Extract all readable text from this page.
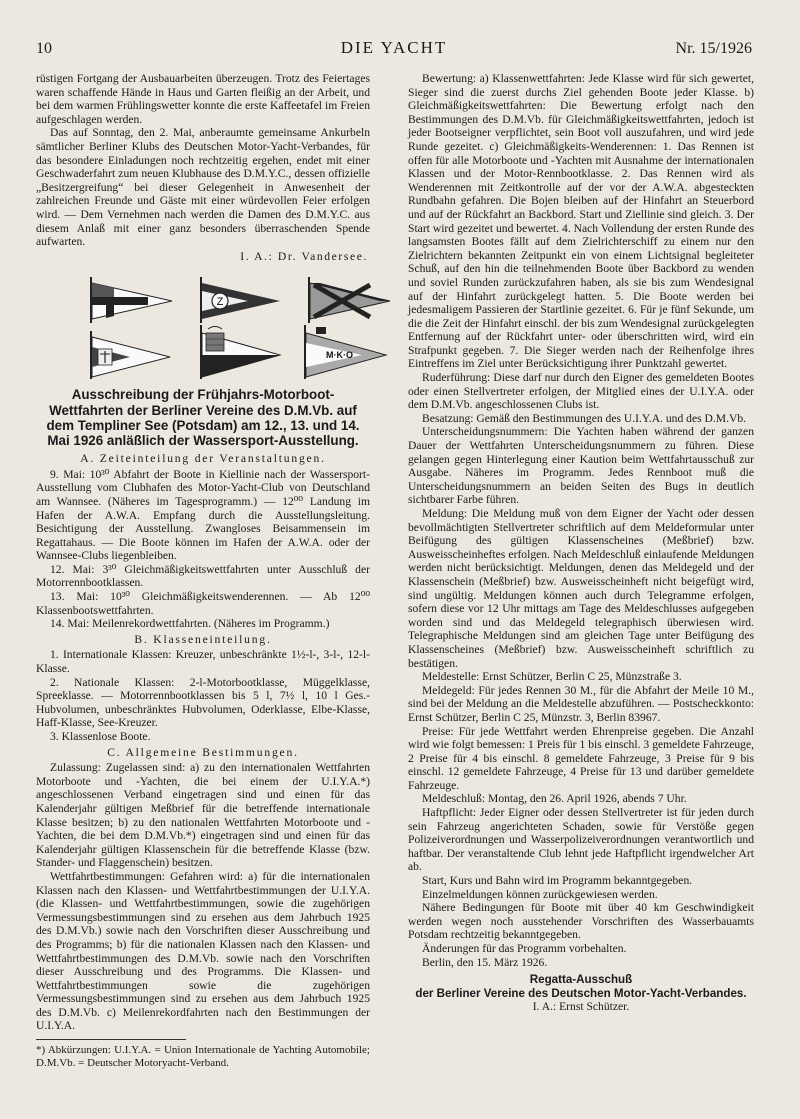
10	DIE YACHT	Nr. 15/1926

rüstigen Fortgang der Ausbauarbeiten überzeugen. Trotz des Feiertages waren schaffende Hände in Haus und Garten fleißig an der Arbeit, und bei dem warmen Frühlingswetter konnte die erste Kaffeetafel im Freien aufgeschlagen werden.

Das auf Sonntag, den 2. Mai, anberaumte gemeinsame Ankurbeln sämtlicher Berliner Klubs des Deutschen Motor-Yacht-Verbandes, für das besondere Einladungen noch rechtzeitig ergehen, endet mit einer Geschwaderfahrt zum neuen Klubhause des D.M.Y.C., dessen offizielle „Besitzergreifung“ bei dieser Gelegenheit in Anwesenheit der zahlreichen Freunde und Gäste mit einer würdevollen Feier erfolgen wird. — Dem Vernehmen nach werden die Damen des D.M.Y.C. aus diesem Anlaß mit einer ganz besonders überraschenden Spende aufwarten.

I. A.: Dr. Vandersee.
Z
M·K·O
Ausschreibung der Frühjahrs-Motorboot-Wettfahrten der Berliner Vereine des D.M.Vb. auf dem Templiner See (Potsdam) am 12., 13. und 14. Mai 1926 anläßlich der Wassersport-Ausstellung.
A. Zeiteinteilung der Veranstaltungen.

9. Mai: 10³⁰ Abfahrt der Boote in Kiellinie nach der Wassersport-Ausstellung vom Clubhafen des Motor-Yacht-Club von Deutschland am Wannsee. (Näheres im Tagesprogramm.) — 12⁰⁰ Landung im Hafen der A.W.A. Empfang durch die Ausstellungsleitung. Besichtigung der Ausstellung. Zwangloses Beisammensein im Regattahaus. — Die Boote können im Hafen der A.W.A. oder der Wannsee-Clubs liegenbleiben.

12. Mai: 3³⁰ Gleichmäßigkeitswettfahrten unter Ausschluß der Motorrennbootklassen.

13. Mai: 10³⁰ Gleichmäßigkeitswenderennen. — Ab 12⁰⁰ Klassenbootswettfahrten.

14. Mai: Meilenrekordwettfahrten. (Näheres im Programm.)

B. Klasseneinteilung.

1. Internationale Klassen: Kreuzer, unbeschränkte 1½-l-, 3-l-, 12-l-Klasse.

2. Nationale Klassen: 2-l-Motorbootklasse, Müggelklasse, Spreeklasse. — Motorrennbootklassen bis 5 l, 7½ l, 10 l Ges.-Hubvolumen, unbeschränktes Hubvolumen, Oderklasse, Elbe-Klasse, Haff-Klasse, See-Kreuzer.

3. Klassenlose Boote.

C. Allgemeine Bestimmungen.

Zulassung: Zugelassen sind: a) zu den internationalen Wettfahrten Motorboote und -Yachten, die bei einem der U.I.Y.A.*) angeschlossenen Verband eingetragen sind und einen für das Kalenderjahr gültigen Meßbrief für die betreffende internationale Klasse besitzen; b) zu den nationalen Wettfahrten Motorboote und -Yachten, die bei dem D.M.Vb.*) eingetragen sind und einen für das Kalenderjahr gültigen Klassenschein für die betreffende Klasse (bzw. Stander- und Flaggenschein) besitzen.

Wettfahrtbestimmungen: Gefahren wird: a) für die internationalen Klassen nach den Klassen- und Wettfahrtbestimmungen der U.I.Y.A. (die Klassen- und Wettfahrtbestimmungen, sowie die zugehörigen Vermessungsbestimmungen sind zu ersehen aus dem Jahrbuch 1925 des D.M.Vb.) sowie nach den Vorschriften dieser Ausschreibung und des Programms; b) für die nationalen Klassen nach den Klassen- und Wettfahrtbestimmungen des D.M.Vb. sowie nach den Vorschriften dieser Ausschreibung und des Programms. Die Klassen- und Wettfahrtbestimmungen sowie die zugehörigen Vermessungsbestimmungen sind zu ersehen aus dem Jahrbuch 1925 des D.M.Vb. c) Meilenrekordfahrten nach den Bestimmungen der U.I.Y.A.

*) Abkürzungen: U.I.Y.A. = Union Internationale de Yachting Automobile; D.M.Vb. = Deutscher Motoryacht-Verband.

Bewertung: a) Klassenwettfahrten: Jede Klasse wird für sich gewertet, Sieger sind die zuerst durchs Ziel gehenden Boote jeder Klasse. b) Gleichmäßigkeitswettfahrten: Die Bewertung erfolgt nach den Bestimmungen des D.M.Vb. für Gleichmäßigkeitswettfahrten, jedoch ist jeder Bootseigner verpflichtet, sein Boot voll auszufahren, und wird jede Runde gezeitet. c) Gleichmäßigkeits-Wenderennen: 1. Das Rennen ist offen für alle Motorboote und -Yachten mit Ausnahme der internationalen Klassen und der Motor-Rennbootklasse. 2. Das Rennen wird als Wenderennen mit Zeitkontrolle auf der vor der A.W.A. abgesteckten Rundbahn gefahren. Die Bojen bleiben auf der Hinfahrt an Steuerbord und auf der Rückfahrt an Backbord. Start und Ziellinie sind gleich. 3. Der Start wird gezeitet und bewertet. 4. Nach Vollendung der ersten Runde des langsamsten Bootes fällt auf dem Zielrichterschiff zu einem nur den Zielrichtern bekannten Zeitpunkt ein von einem Lichtsignal begleiteter Schuß, auf den hin die teilnehmenden Boote über Backbord zu wenden und soviel Runden zurückzufahren haben, als sie bis zum Wendesignal auf der Hinfahrt zurückgelegt hatten. 5. Die Boote werden bei jedesmaligem Passieren der Startlinie gezeitet. 6. Für je fünf Sekunde, um die die Zeit der Hinfahrt einschl. der bis zum Wendesignal zurückgelegten Entfernung auf der Rückfahrt unter- oder überschritten wird, wird ein Strafpunkt gegeben. 7. Die Sieger werden nach der Reihenfolge ihres Eintreffens im Ziel unter Berücksichtigung ihrer Punktzahl gewertet.

Ruderführung: Diese darf nur durch den Eigner des gemeldeten Bootes oder einen Stellvertreter erfolgen, der Mitglied eines der U.I.Y.A. oder dem D.M.Vb. angeschlossenen Clubs ist.

Besatzung: Gemäß den Bestimmungen des U.I.Y.A. und des D.M.Vb.

Unterscheidungsnummern: Die Yachten haben während der ganzen Dauer der Wettfahrten Unterscheidungsnummern zu führen. Diese gelangen gegen Hinterlegung einer Kaution beim Wettfahrtausschuß zur Ausgabe. Näheres im Programm. Jedes Rennboot muß die Unterscheidungsnummern an beiden Seiten des Bugs in deutlich sichtbarer Farbe führen.

Meldung: Die Meldung muß von dem Eigner der Yacht oder dessen bevollmächtigten Stellvertreter schriftlich auf dem Meldeformular unter Beifügung des gültigen Klassenscheines (Meßbrief) bzw. Ausweisscheinheftes erfolgen. Nach Meldeschluß einlaufende Meldungen werden nicht berücksichtigt. Meldungen, denen das Meldegeld und der Klassenschein (Meßbrief) bzw. Ausweisscheinheft nicht beigefügt wird, sind ungültig. Meldungen können auch durch Telegramme erfolgen, sofern diese vor 12 Uhr mittags am Tage des Meldeschlusses aufgegeben worden sind und das Meldegeld telegraphisch überwiesen wird. Telegraphische Meldungen sind am gleichen Tage unter Beifügung des Klassenscheines (Meßbrief) bzw. Ausweisscheinheft schriftlich zu bestätigen.

Meldestelle: Ernst Schützer, Berlin C 25, Münzstraße 3.

Meldegeld: Für jedes Rennen 30 M., für die Abfahrt der Meile 10 M., sind bei der Meldung an die Meldestelle abzuführen. — Postscheckkonto: Ernst Schützer, Berlin C 25, Münzstr. 3, Berlin 83967.

Preise: Für jede Wettfahrt werden Ehrenpreise gegeben. Die Anzahl wird wie folgt bemessen: 1 Preis für 1 bis einschl. 3 gemeldete Fahrzeuge, 2 Preise für 4 bis einschl. 8 gemeldete Fahrzeuge, 3 Preise für 9 bis einschl. 12 gemeldete Fahrzeuge, 4 Preise für 13 und darüber gemeldete Fahrzeuge.

Meldeschluß: Montag, den 26. April 1926, abends 7 Uhr.

Haftpflicht: Jeder Eigner oder dessen Stellvertreter ist für jeden durch sein Fahrzeug angerichteten Schaden, sowie für Verstöße gegen Polizeiverordnungen und Wasserpolizeiverordnungen verantwortlich und haftbar. Der veranstaltende Club lehnt jede Haftpflicht irgendwelcher Art ab.

Start, Kurs und Bahn wird im Programm bekanntgegeben.

Einzelmeldungen können zurückgewiesen werden.

Nähere Bedingungen für Boote mit über 40 km Geschwindigkeit werden wegen noch ausstehender Vorschriften des Wasserbauamts Potsdam rechtzeitig bekanntgegeben.

Änderungen für das Programm vorbehalten.

Berlin, den 15. März 1926.

Regatta-Ausschuß
der Berliner Vereine des Deutschen Motor-Yacht-Verbandes.
I. A.: Ernst Schützer.
